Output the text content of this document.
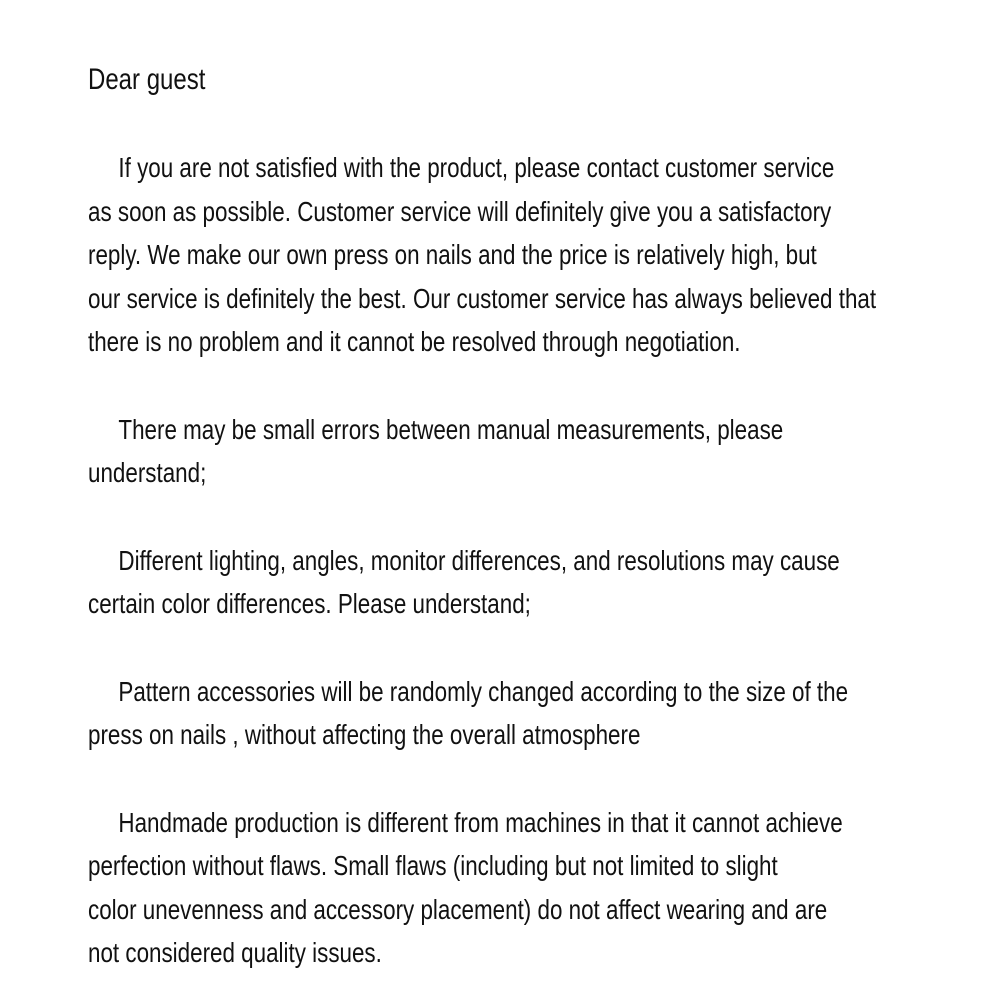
Dear guest
If you are not satisfied with the product, please contact customer service
as soon as possible. Customer service will definitely give you a satisfactory
reply. We make our own press on nails and the price is relatively high, but
our service is definitely the best. Our customer service has always believed that
there is no problem and it cannot be resolved through negotiation.
There may be small errors between manual measurements, please
understand;
Different lighting, angles, monitor differences, and resolutions may cause
certain color differences. Please understand;
Pattern accessories will be randomly changed according to the size of the
press on nails , without affecting the overall atmosphere
Handmade production is different from machines in that it cannot achieve
perfection without flaws. Small flaws (including but not limited to slight
color unevenness and accessory placement) do not affect wearing and are
not considered quality issues.
